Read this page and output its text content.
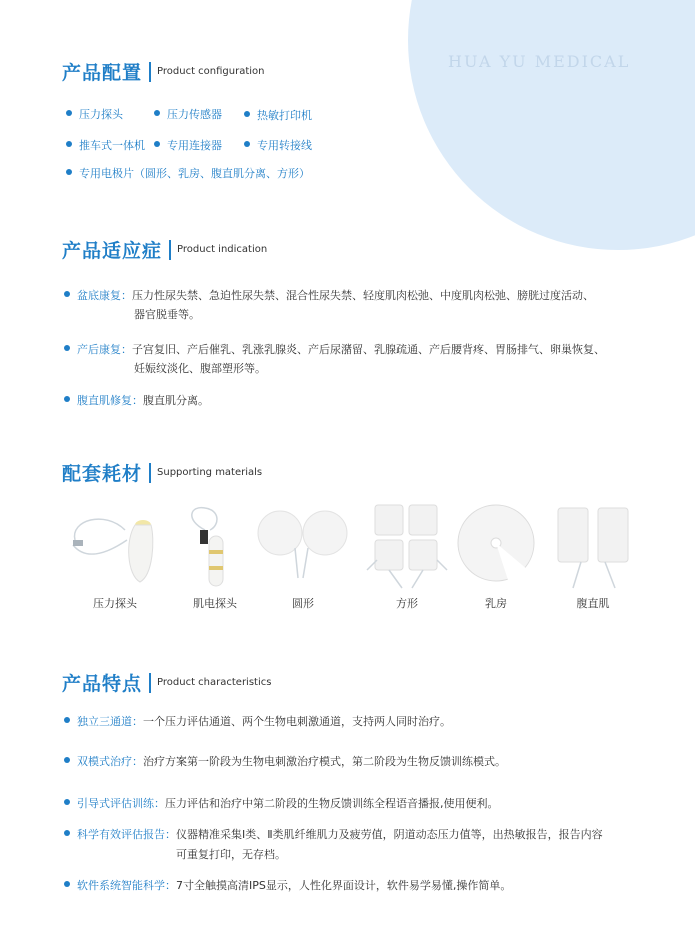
HUA YU MEDICAL
产品配置 Product configuration
压力探头	压力传感器	热敏打印机
推车式一体机 专用连接器	专用转接线
专用电极片（圆形、乳房、腹直肌分离、方形）
产品适应症 Product indication
盆底康复： 压力性尿失禁、急迫性尿失禁、混合性尿失禁、轻度肌肉松弛、中度肌肉松弛、膀胱过度活动、
器官脱垂等。
产后康复： 子宫复旧、产后催乳、乳涨乳腺炎、产后尿潴留、乳腺疏通、产后腰背疼、胃肠排气、卵巢恢复、
妊娠纹淡化、腹部塑形等。
腹直肌修复： 腹直肌分离。
配套耗材 Supporting materials
压力探头	肌电探头	圆形	方形	乳房	腹直肌
产品特点 Product characteristics
独立三通道： 一个压力评估通道、两个生物电刺激通道，支持两人同时治疗。
双模式治疗： 治疗方案第一阶段为生物电刺激治疗模式，第二阶段为生物反馈训练模式。
引导式评估训练： 压力评估和治疗中第二阶段的生物反馈训练全程语音播报,使用便利。
科学有效评估报告： 仪器精准采集Ⅰ类、Ⅱ类肌纤维肌力及疲劳值，阴道动态压力值等，出热敏报告，报告内容
可重复打印，无存档。
软件系统智能科学： 7寸全触摸高清IPS显示，人性化界面设计，软件易学易懂,操作简单。
